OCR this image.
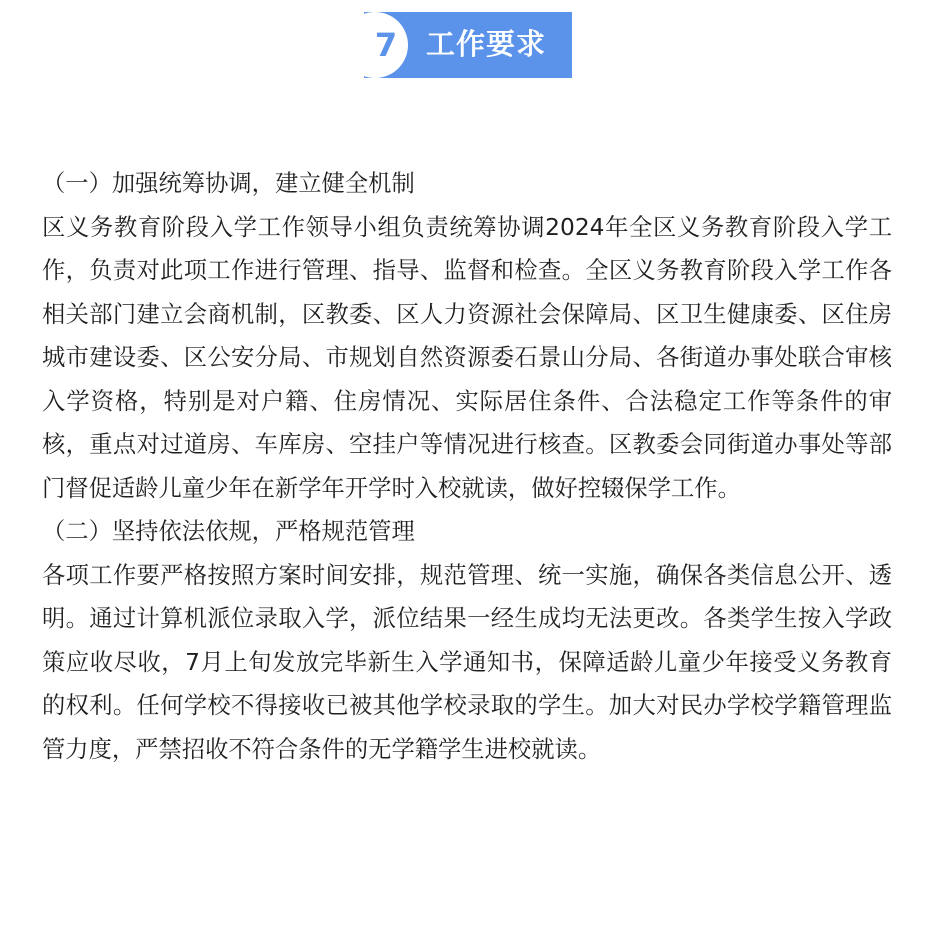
7 工作要求

（一）加强统筹协调，建立健全机制

区义务教育阶段入学工作领导小组负责统筹协调2024年全区义务教育阶段入学工作，负责对此项工作进行管理、指导、监督和检查。全区义务教育阶段入学工作各相关部门建立会商机制，区教委、区人力资源社会保障局、区卫生健康委、区住房城市建设委、区公安分局、市规划自然资源委石景山分局、各街道办事处联合审核入学资格，特别是对户籍、住房情况、实际居住条件、合法稳定工作等条件的审核，重点对过道房、车库房、空挂户等情况进行核查。区教委会同街道办事处等部门督促适龄儿童少年在新学年开学时入校就读，做好控辍保学工作。

（二）坚持依法依规，严格规范管理

各项工作要严格按照方案时间安排，规范管理、统一实施，确保各类信息公开、透明。通过计算机派位录取入学，派位结果一经生成均无法更改。各类学生按入学政策应收尽收，7月上旬发放完毕新生入学通知书，保障适龄儿童少年接受义务教育的权利。任何学校不得接收已被其他学校录取的学生。加大对民办学校学籍管理监管力度，严禁招收不符合条件的无学籍学生进校就读。
